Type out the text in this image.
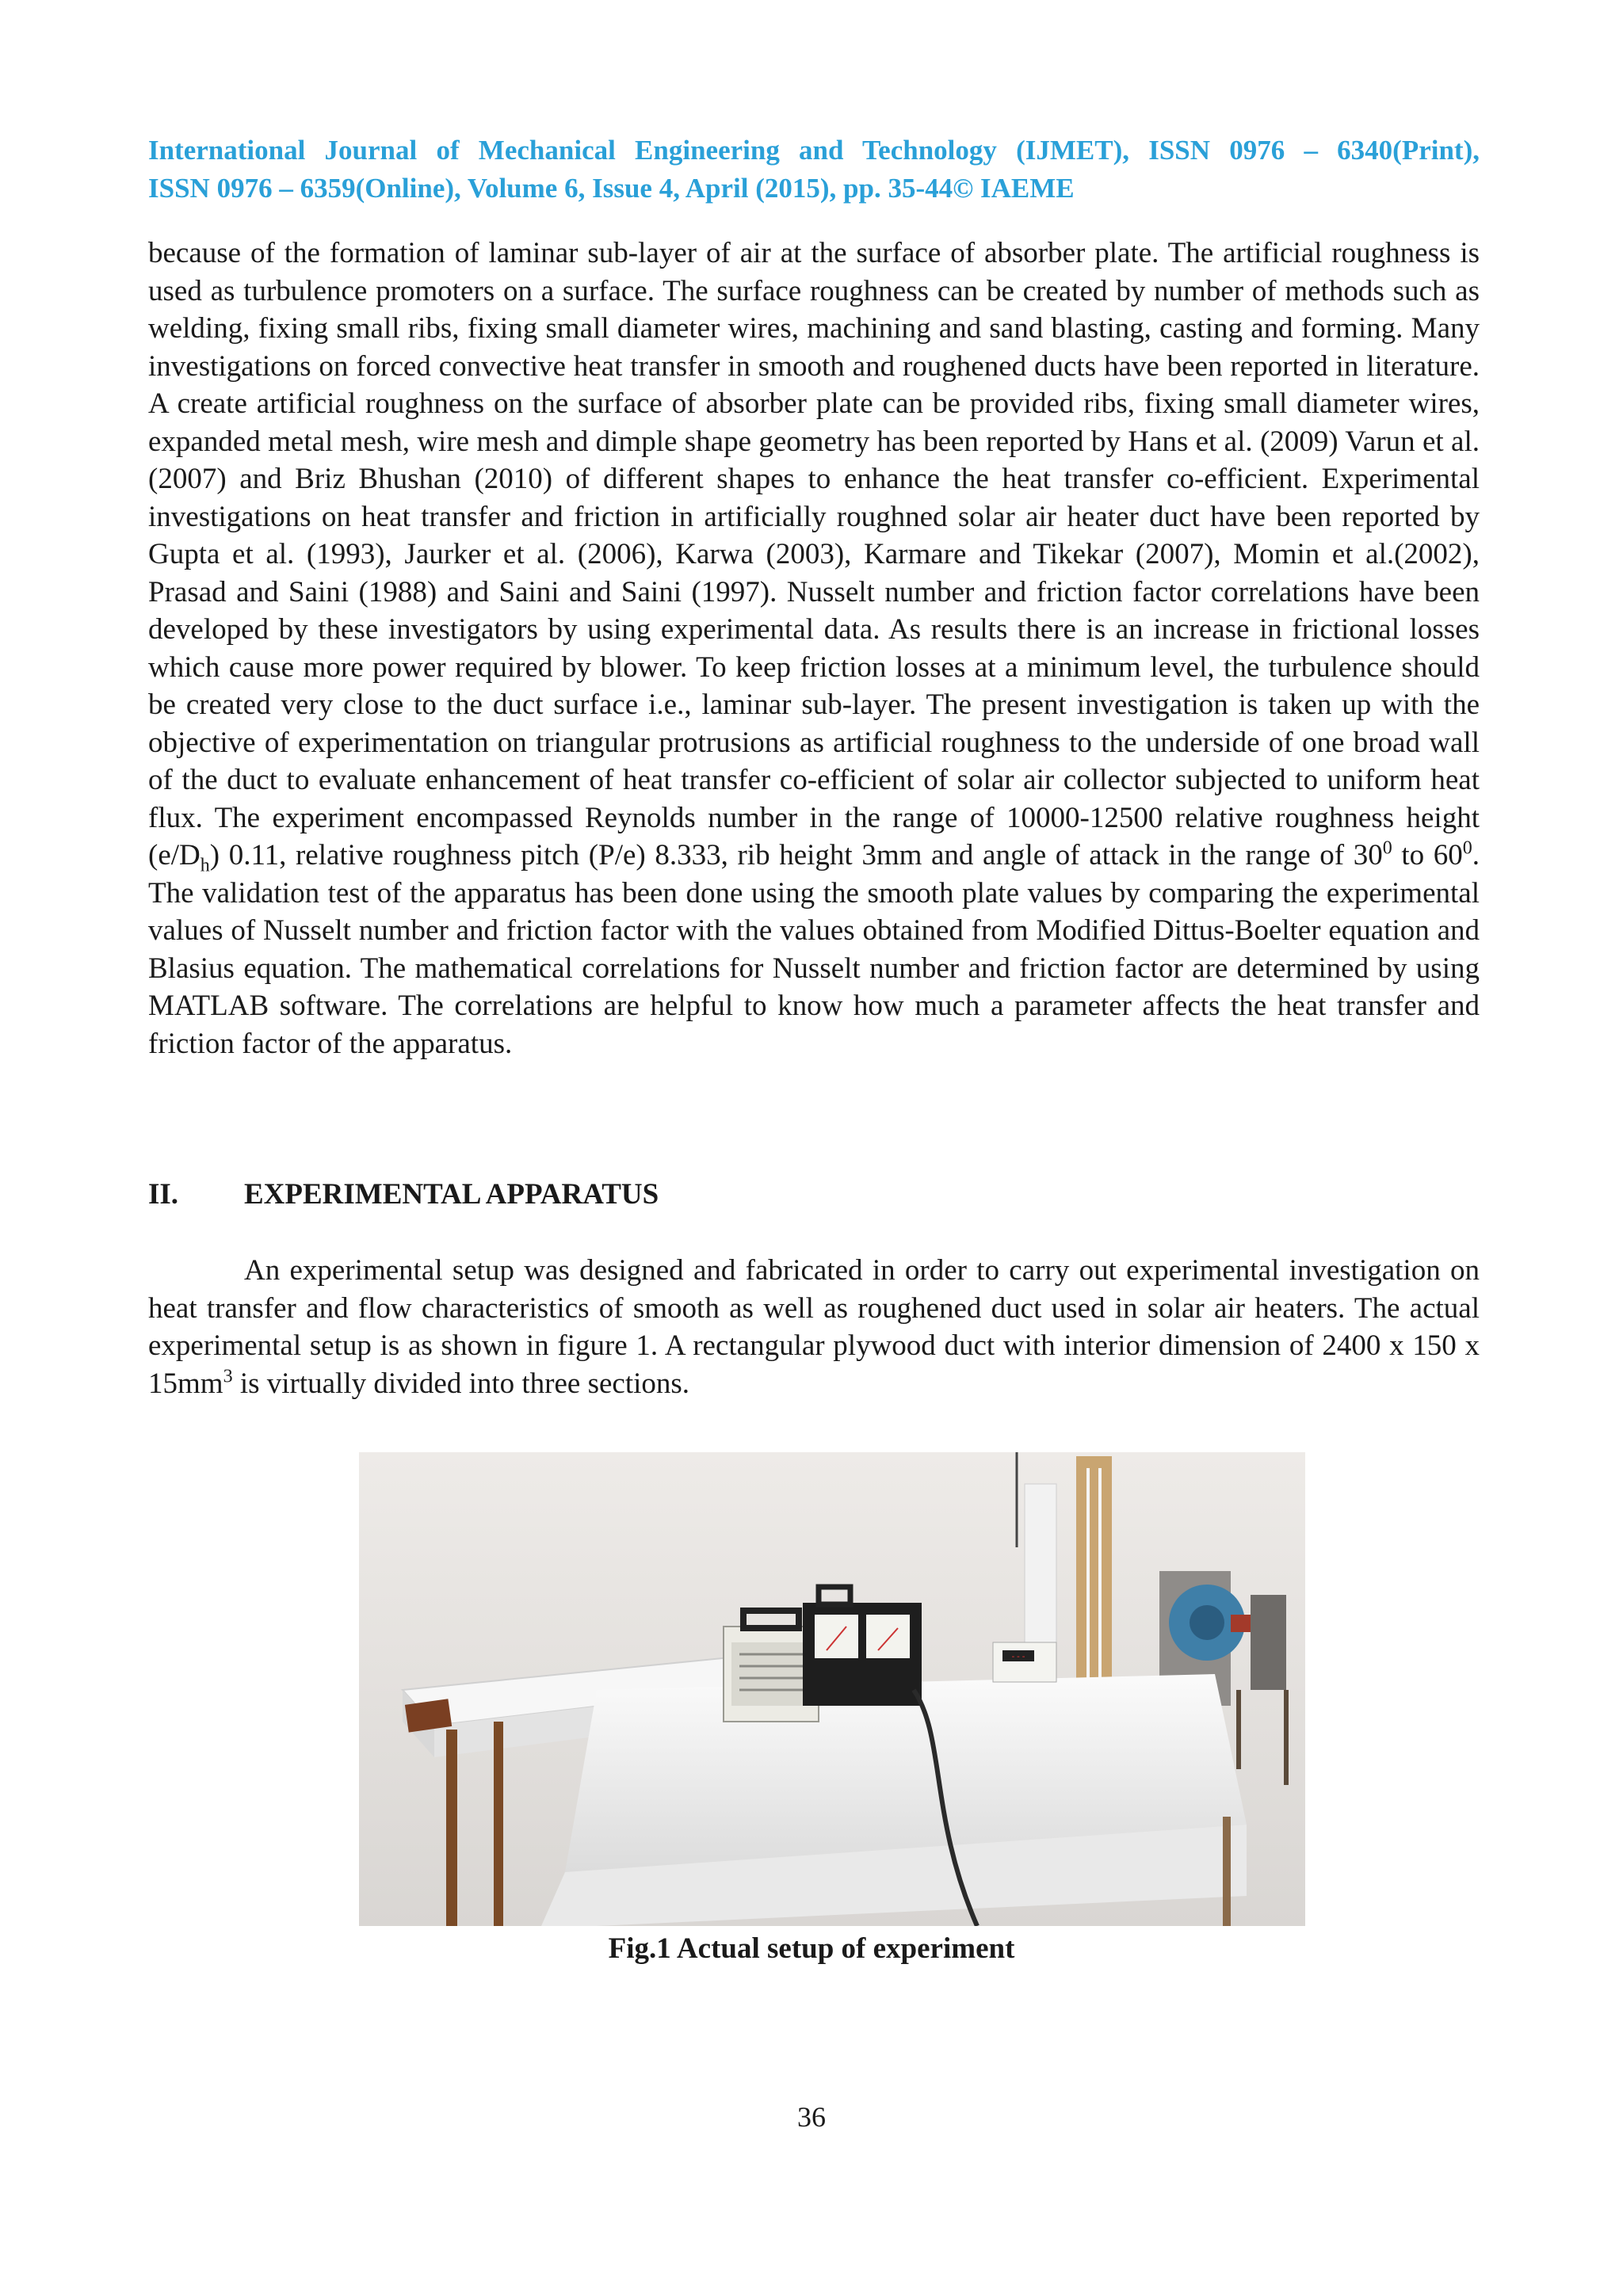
International Journal of Mechanical Engineering and Technology (IJMET), ISSN 0976 – 6340(Print),
ISSN 0976 – 6359(Online), Volume 6, Issue 4, April (2015), pp. 35-44© IAEME

because of the formation of laminar sub-layer of air at the surface of absorber plate. The artificial roughness is used as turbulence promoters on a surface. The surface roughness can be created by number of methods such as welding, fixing small ribs, fixing small diameter wires, machining and sand blasting, casting and forming. Many investigations on forced convective heat transfer in smooth and roughened ducts have been reported in literature. A create artificial roughness on the surface of absorber plate can be provided ribs, fixing small diameter wires, expanded metal mesh, wire mesh and dimple shape geometry has been reported by Hans et al. (2009) Varun et al.(2007) and Briz Bhushan (2010) of different shapes to enhance the heat transfer co-efficient. Experimental investigations on heat transfer and friction in artificially roughned solar air heater duct have been reported by Gupta et al. (1993), Jaurker et al. (2006), Karwa (2003), Karmare and Tikekar (2007), Momin et al.(2002), Prasad and Saini (1988) and Saini and Saini (1997). Nusselt number and friction factor correlations have been developed by these investigators by using experimental data. As results there is an increase in frictional losses which cause more power required by blower. To keep friction losses at a minimum level, the turbulence should be created very close to the duct surface i.e., laminar sub-layer. The present investigation is taken up with the objective of experimentation on triangular protrusions as artificial roughness to the underside of one broad wall of the duct to evaluate enhancement of heat transfer co-efficient of solar air collector subjected to uniform heat flux. The experiment encompassed Reynolds number in the range of 10000-12500 relative roughness height $(e/D_h)$ 0.11, relative roughness pitch (P/e) 8.333, rib height 3mm and angle of attack in the range of $30^0$ to $60^0$. The validation test of the apparatus has been done using the smooth plate values by comparing the experimental values of Nusselt number and friction factor with the values obtained from Modified Dittus-Boelter equation and Blasius equation. The mathematical correlations for Nusselt number and friction factor are determined by using MATLAB software. The correlations are helpful to know how much a parameter affects the heat transfer and friction factor of the apparatus.

II. EXPERIMENTAL APPARATUS

An experimental setup was designed and fabricated in order to carry out experimental investigation on heat transfer and flow characteristics of smooth as well as roughened duct used in solar air heaters. The actual experimental setup is as shown in figure 1. A rectangular plywood duct with interior dimension of 2400 x 150 x $15mm^3$ is virtually divided into three sections.

---
Fig.1 Actual setup of experiment
36
